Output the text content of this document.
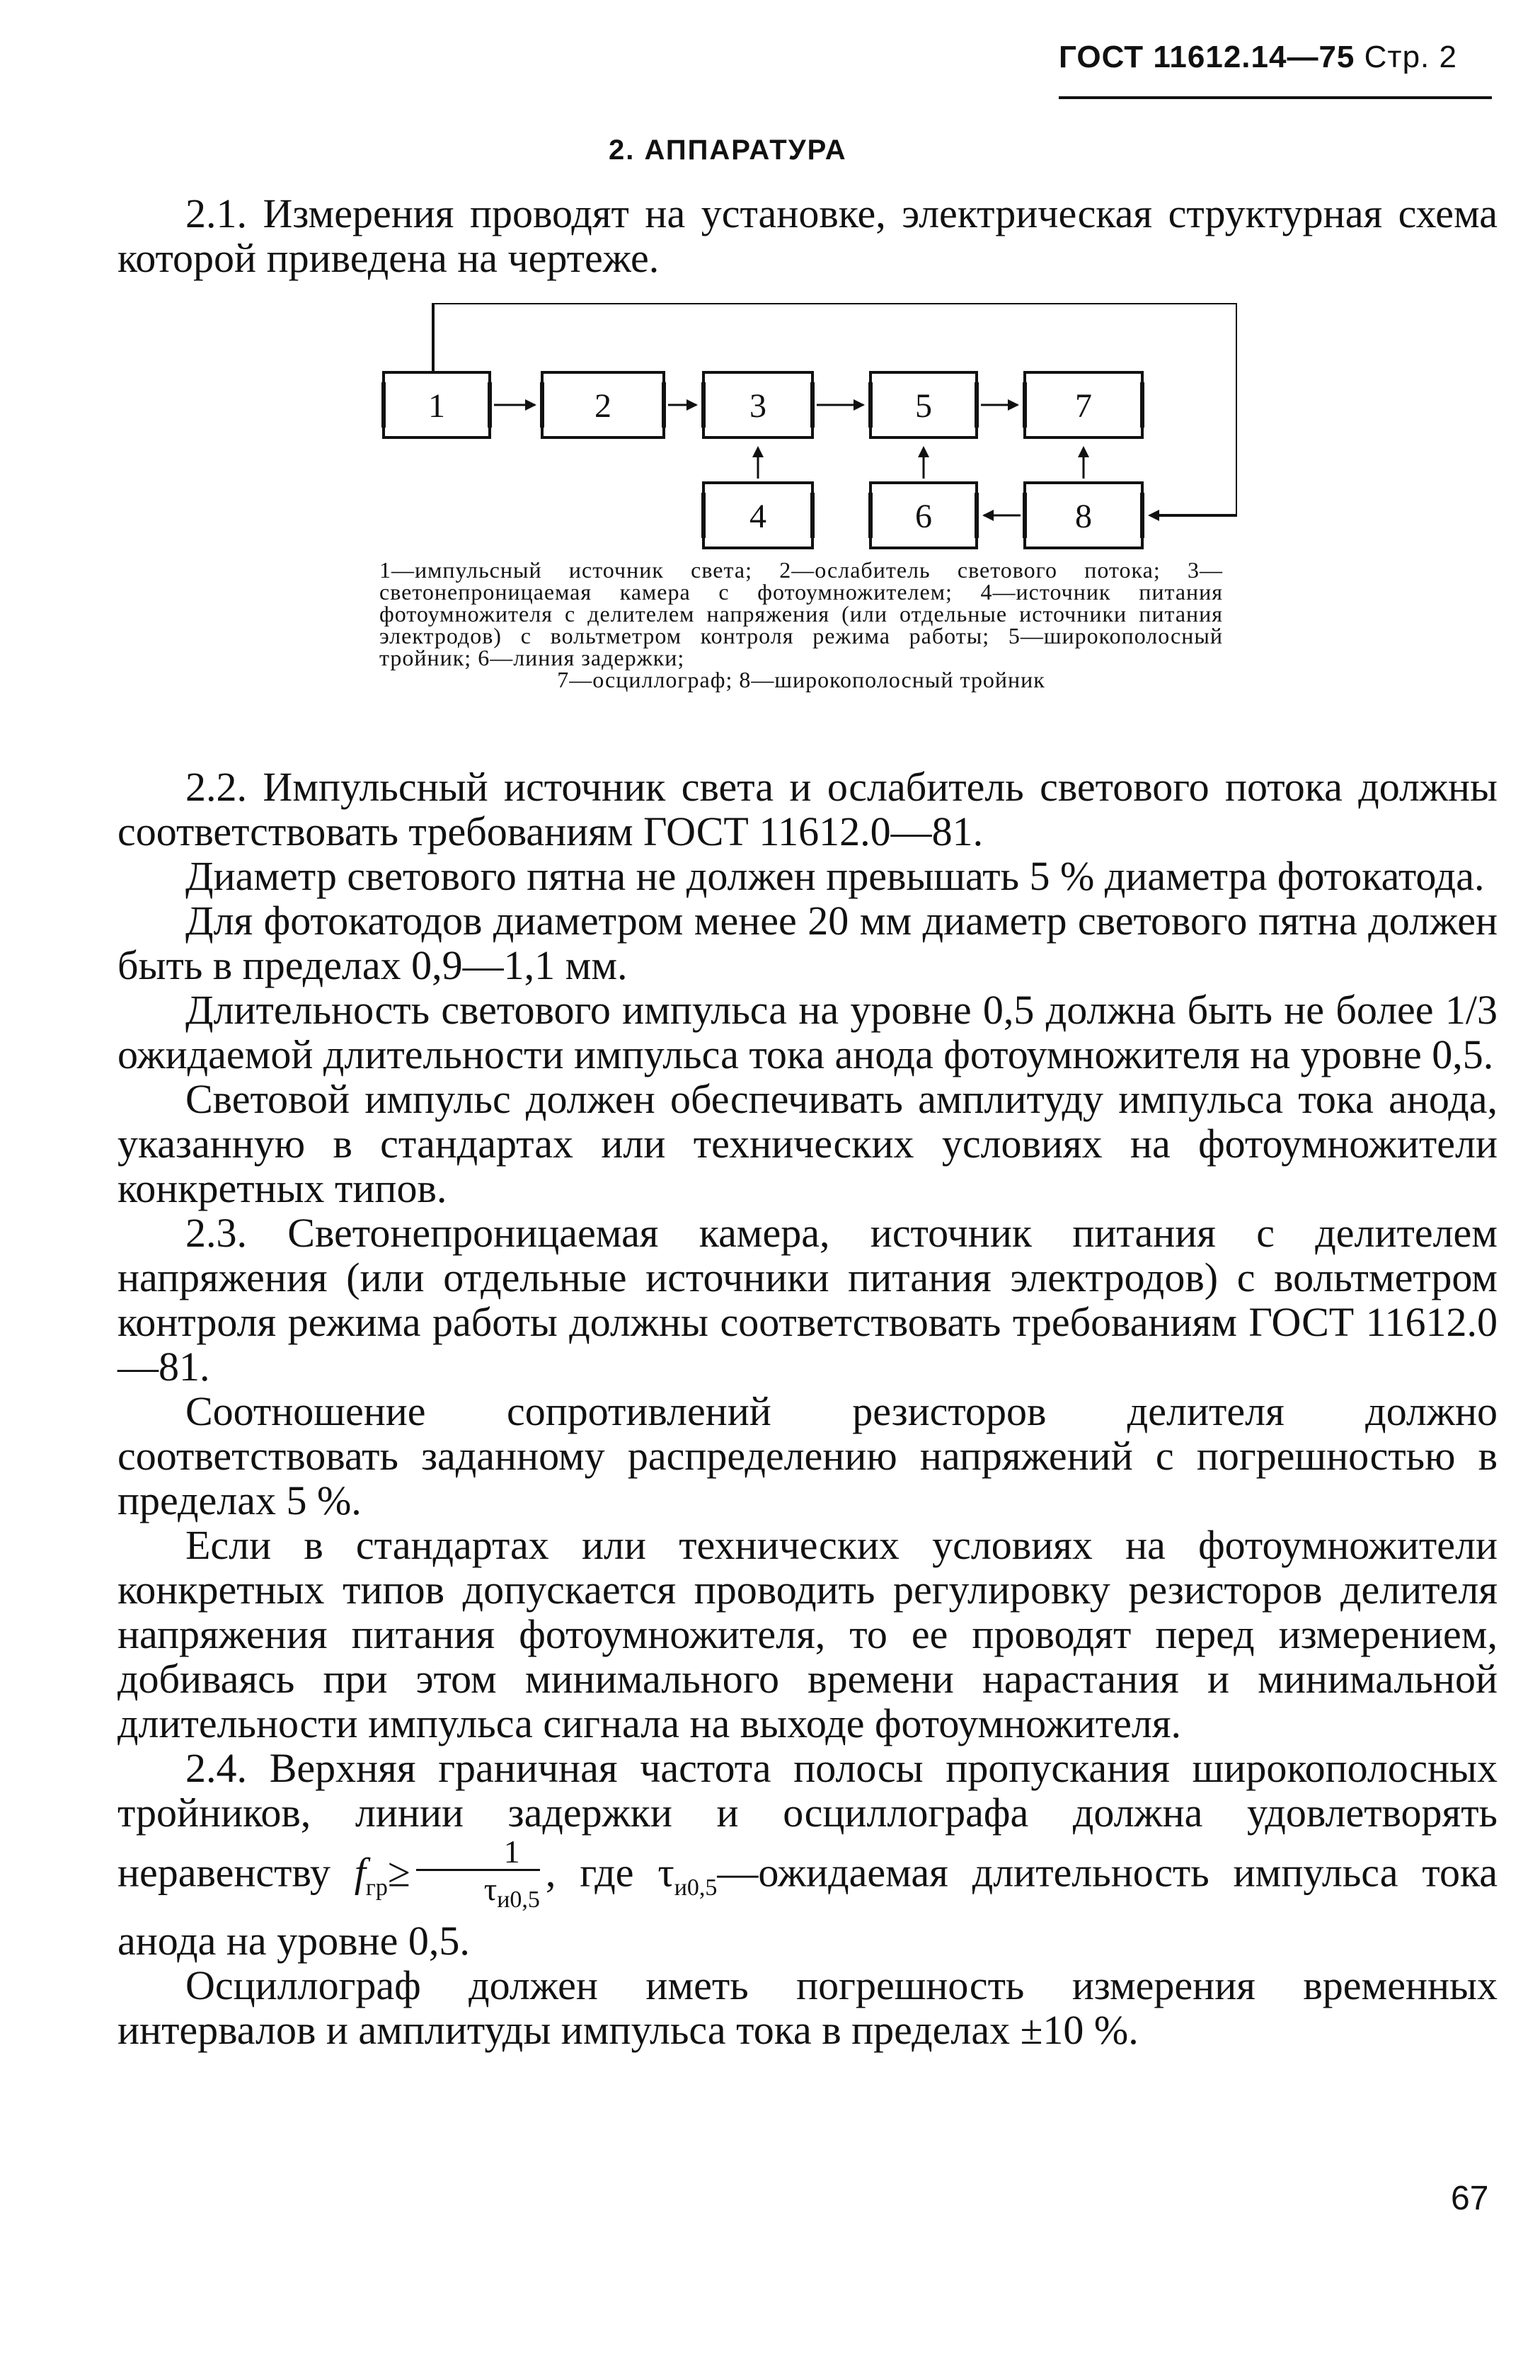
ГОСТ 11612.14—75 Стр. 2
2. АППАРАТУРА

2.1. Измерения проводят на установке, электрическая структурная схема которой приведена на чертеже.

1	2	3	5	7
4	6	8
1—импульсный источник света; 2—ослабитель светового потока; 3—светонепроницаемая камера с фотоумножителем; 4—источник питания фотоумножителя с делителем напряжения (или отдельные источники питания электродов) с вольтметром контроля режима работы; 5—широкополосный тройник; 6—линия задержки;
7—осциллограф; 8—широкополосный тройник

2.2. Импульсный источник света и ослабитель светового потока должны соответствовать требованиям ГОСТ 11612.0—81.

Диаметр светового пятна не должен превышать 5 % диаметра фотокатода.

Для фотокатодов диаметром менее 20 мм диаметр светового пятна должен быть в пределах 0,9—1,1 мм.

Длительность светового импульса на уровне 0,5 должна быть не более 1/3 ожидаемой длительности импульса тока анода фотоумножителя на уровне 0,5.

Световой импульс должен обеспечивать амплитуду импульса тока анода, указанную в стандартах или технических условиях на фотоумножители конкретных типов.

2.3. Светонепроницаемая камера, источник питания с делителем напряжения (или отдельные источники питания электродов) с вольтметром контроля режима работы должны соответствовать требованиям ГОСТ 11612.0—81.

Соотношение сопротивлений резисторов делителя должно соответствовать заданному распределению напряжений с погрешностью в пределах 5 %.

Если в стандартах или технических условиях на фотоумножители конкретных типов допускается проводить регулировку резисторов делителя напряжения питания фотоумножителя, то ее проводят перед измерением, добиваясь при этом минимального времени нарастания и минимальной длительности импульса сигнала на выходе фотоумножителя.

2.4. Верхняя граничная частота полосы пропускания широкополосных тройников, линии задержки и осциллографа должна удовлетворять неравенству $f_{гр}\ge \frac{1}{\tau_{и0,5}}$ , где $\tau_{и0,5}—ожидаемая$ длительность импульса тока анода на уровне 0,5.

Осциллограф должен иметь погрешность измерения временных интервалов и амплитуды импульса тока в пределах ±10 %.

67
